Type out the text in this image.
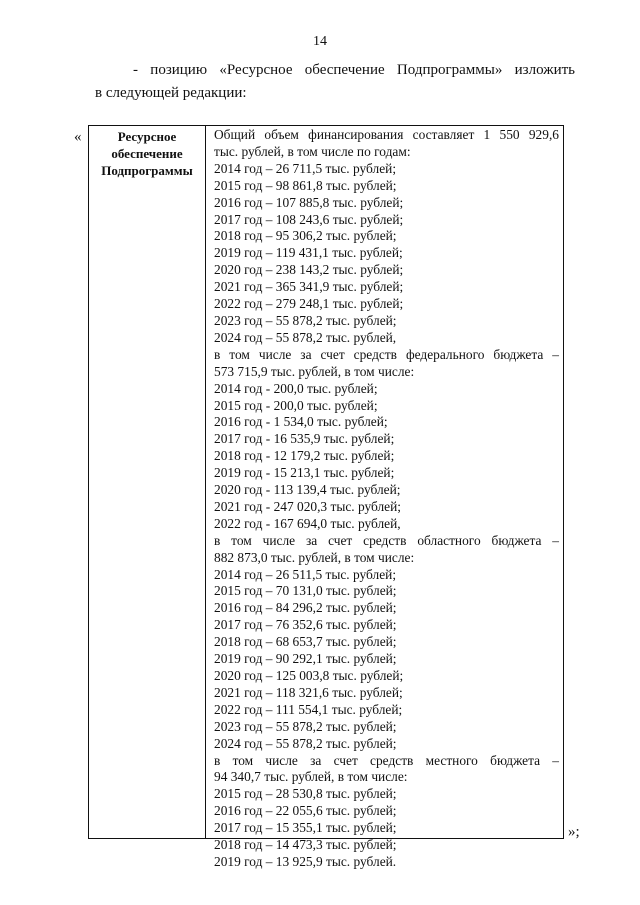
14

- позицию «Ресурсное обеспечение Подпрограммы» изложить

в следующей редакции:

«	Ресурсное
обеспечение
Подпрограммы
Общий объем финансирования составляет 1 550 929,6
тыс. рублей, в том числе по годам:
2014 год – 26 711,5 тыс. рублей;
2015 год – 98 861,8 тыс. рублей;
2016 год – 107 885,8 тыс. рублей;
2017 год – 108 243,6 тыс. рублей;
2018 год – 95 306,2 тыс. рублей;
2019 год – 119 431,1 тыс. рублей;
2020 год – 238 143,2 тыс. рублей;
2021 год – 365 341,9 тыс. рублей;
2022 год – 279 248,1 тыс. рублей;
2023 год – 55 878,2 тыс. рублей;
2024 год – 55 878,2 тыс. рублей,
в том числе за счет средств федерального бюджета –
573 715,9 тыс. рублей, в том числе:
2014 год - 200,0 тыс. рублей;
2015 год - 200,0 тыс. рублей;
2016 год - 1 534,0 тыс. рублей;
2017 год - 16 535,9 тыс. рублей;
2018 год - 12 179,2 тыс. рублей;
2019 год - 15 213,1 тыс. рублей;
2020 год - 113 139,4 тыс. рублей;
2021 год - 247 020,3 тыс. рублей;
2022 год - 167 694,0 тыс. рублей,
в том числе за счет средств областного бюджета –
882 873,0 тыс. рублей, в том числе:
2014 год – 26 511,5 тыс. рублей;
2015 год – 70 131,0 тыс. рублей;
2016 год – 84 296,2 тыс. рублей;
2017 год – 76 352,6 тыс. рублей;
2018 год – 68 653,7 тыс. рублей;
2019 год – 90 292,1 тыс. рублей;
2020 год – 125 003,8 тыс. рублей;
2021 год – 118 321,6 тыс. рублей;
2022 год – 111 554,1 тыс. рублей;
2023 год – 55 878,2 тыс. рублей;
2024 год – 55 878,2 тыс. рублей;
в том числе за счет средств местного бюджета –
94 340,7 тыс. рублей, в том числе:
2015 год – 28 530,8 тыс. рублей;
2016 год – 22 055,6 тыс. рублей;
2017 год – 15 355,1 тыс. рублей;
2018 год – 14 473,3 тыс. рублей;
2019 год – 13 925,9 тыс. рублей.
»;
